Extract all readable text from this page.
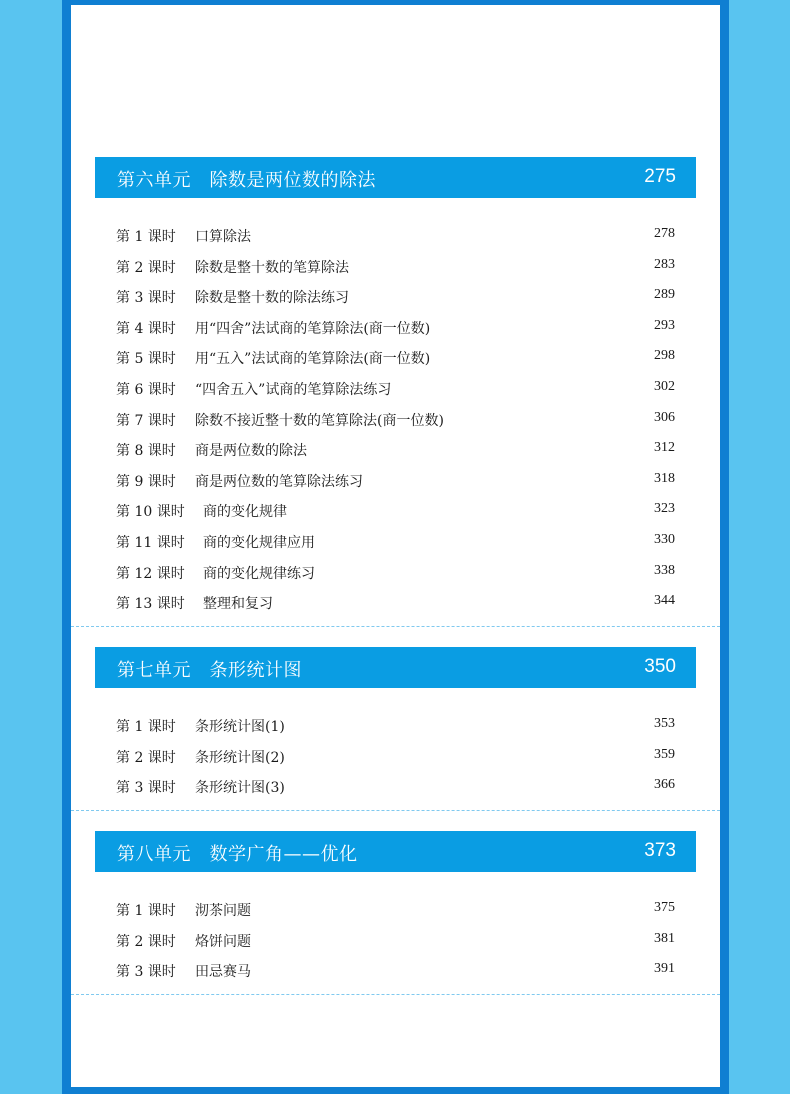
第六单元　除数是两位数的除法	275
第 1 课时 口算除法	278
第 2 课时 除数是整十数的笔算除法	283
第 3 课时 除数是整十数的除法练习	289
第 4 课时 用“四舍”法试商的笔算除法(商一位数)	293
第 5 课时 用“五入”法试商的笔算除法(商一位数)	298
第 6 课时 “四舍五入”试商的笔算除法练习	302
第 7 课时 除数不接近整十数的笔算除法(商一位数)	306
第 8 课时 商是两位数的除法	312
第 9 课时 商是两位数的笔算除法练习	318
第 10 课时 商的变化规律	323
第 11 课时 商的变化规律应用	330
第 12 课时 商的变化规律练习	338
第 13 课时 整理和复习	344
第七单元　条形统计图	350
第 1 课时 条形统计图(1)	353
第 2 课时 条形统计图(2)	359
第 3 课时 条形统计图(3)	366
第八单元　数学广角——优化	373
第 1 课时 沏茶问题	375
第 2 课时 烙饼问题	381
第 3 课时 田忌赛马	391
